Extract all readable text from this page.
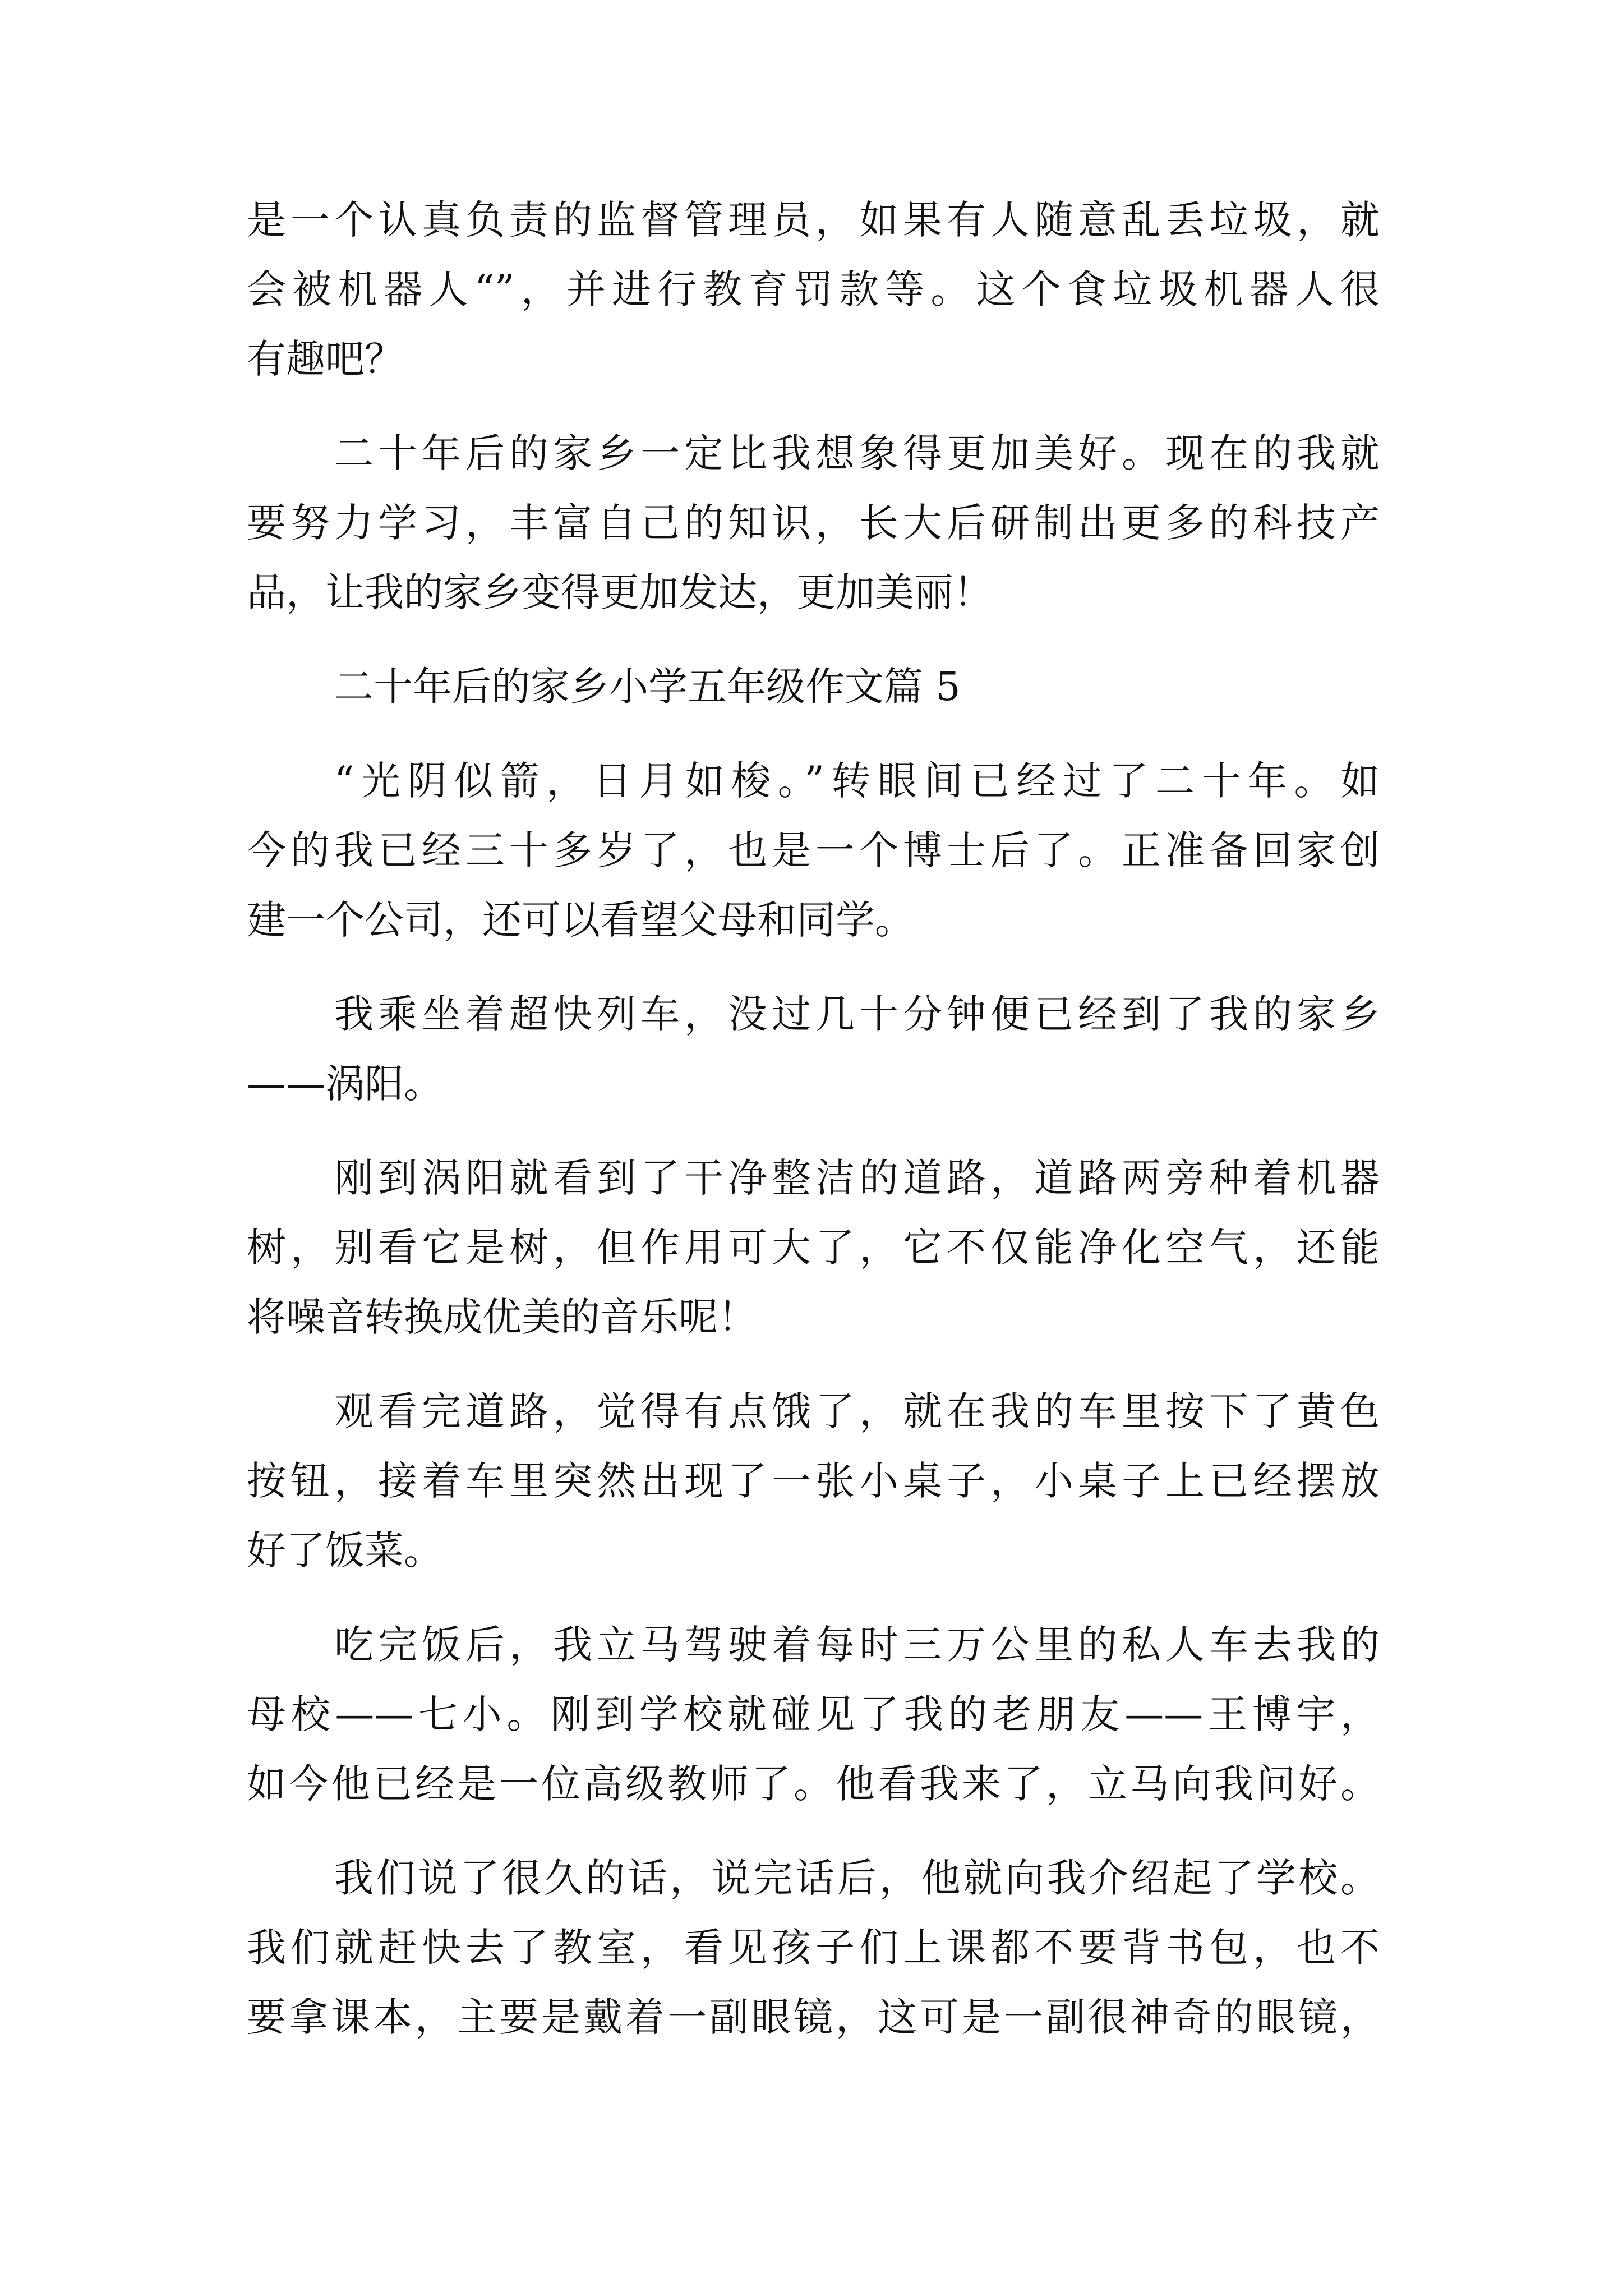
是一个认真负责的监督管理员，如果有人随意乱丢垃圾，就
会被机器人“”，并进行教育罚款等。这个食垃圾机器人很
有趣吧？
二十年后的家乡一定比我想象得更加美好。现在的我就
要努力学习，丰富自己的知识，长大后研制出更多的科技产
品，让我的家乡变得更加发达，更加美丽！
二十年后的家乡小学五年级作文篇 5
“光阴似箭，日月如梭。”转眼间已经过了二十年。如
今的我已经三十多岁了，也是一个博士后了。正准备回家创
建一个公司，还可以看望父母和同学。
我乘坐着超快列车，没过几十分钟便已经到了我的家乡
——涡阳。
刚到涡阳就看到了干净整洁的道路，道路两旁种着机器
树，别看它是树，但作用可大了，它不仅能净化空气，还能
将噪音转换成优美的音乐呢！
观看完道路，觉得有点饿了，就在我的车里按下了黄色
按钮，接着车里突然出现了一张小桌子，小桌子上已经摆放
好了饭菜。
吃完饭后，我立马驾驶着每时三万公里的私人车去我的
母校——七小。刚到学校就碰见了我的老朋友——王博宇，
如今他已经是一位高级教师了。他看我来了，立马向我问好。
我们说了很久的话，说完话后，他就向我介绍起了学校。
我们就赶快去了教室，看见孩子们上课都不要背书包，也不
要拿课本，主要是戴着一副眼镜，这可是一副很神奇的眼镜，
